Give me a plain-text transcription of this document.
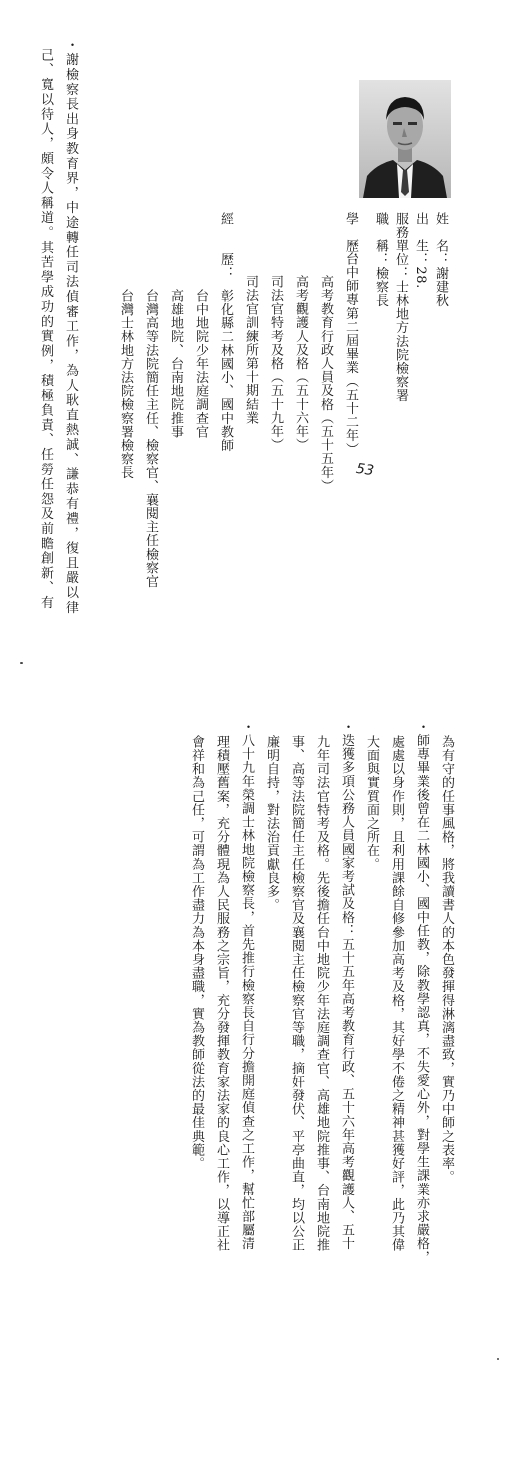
姓　名：謝建秋
出　生：28.
服務單位：士林地方法院檢察署
職　稱：檢察長
學　歷：
台中師專第二屆畢業（五十二年）
高考教育行政人員及格（五十五年）
高考觀護人及格（五十六年）
司法官特考及格（五十九年）
司法官訓練所第十期結業
53
經　　歷：
彰化縣二林國小、國中教師
台中地院少年法庭調查官
高雄地院、台南地院推事
台灣高等法院簡任主任、檢察官、襄閱主任檢察官
台灣士林地方法院檢察署檢察長
・謝檢察長出身教育界，中途轉任司法偵審工作，為人耿直熱誠、謙恭有禮，復且嚴以律
己、寬以待人，頗令人稱道。其苦學成功的實例，積極負責、任勞任怨及前瞻創新、有
為有守的任事風格，將我讀書人的本色發揮得淋漓盡致，實乃中師之表率。
・師專畢業後曾在二林國小、國中任教，除教學認真，不失愛心外，對學生課業亦求嚴格，
處處以身作則，且利用課餘自修參加高考及格，其好學不倦之精神甚獲好評，此乃其偉
大面與實質面之所在。
・迭獲多項公務人員國家考試及格：五十五年高考教育行政、五十六年高考觀護人、五十
九年司法官特考及格。先後擔任台中地院少年法庭調查官、高雄地院推事、台南地院推
事、高等法院簡任主任檢察官及襄閱主任檢察官等職，摘奸發伏、平亭曲直，均以公正
廉明自持，對法治貢獻良多。
・八十九年榮調士林地院檢察長，首先推行檢察長自行分擔開庭偵查之工作，幫忙部屬清
理積壓舊案，充分體現為人民服務之宗旨，充分發揮教育家法家的良心工作，以導正社
會祥和為己任，可謂為工作盡力為本身盡職，實為教師從法的最佳典範。
